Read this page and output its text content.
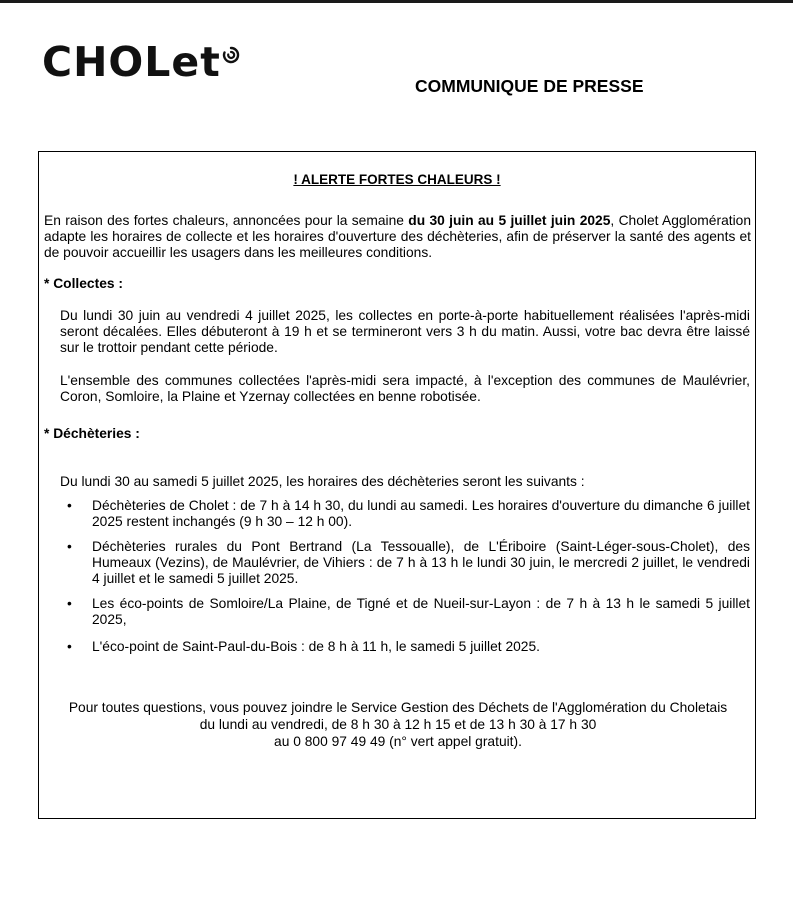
CHOLet	COMMUNIQUE DE PRESSE
! ALERTE FORTES CHALEURS !
En raison des fortes chaleurs, annoncées pour la semaine du 30 juin au 5 juillet juin 2025, Cholet Agglomération adapte les horaires de collecte et les horaires d'ouverture des déchèteries, afin de préserver la santé des agents et de pouvoir accueillir les usagers dans les meilleures conditions.
* Collectes :
Du lundi 30 juin au vendredi 4 juillet 2025, les collectes en porte-à-porte habituellement réalisées l'après-midi seront décalées. Elles débuteront à 19 h et se termineront vers 3 h du matin. Aussi, votre bac devra être laissé sur le trottoir pendant cette période.
L'ensemble des communes collectées l'après-midi sera impacté, à l'exception des communes de Maulévrier, Coron, Somloire, la Plaine et Yzernay collectées en benne robotisée.
* Déchèteries :
Du lundi 30 au samedi 5 juillet 2025, les horaires des déchèteries seront les suivants :
• Déchèteries de Cholet : de 7 h à 14 h 30, du lundi au samedi. Les horaires d'ouverture du dimanche 6 juillet 2025 restent inchangés (9 h 30 – 12 h 00).
• Déchèteries rurales du Pont Bertrand (La Tessoualle), de L'Ériboire (Saint-Léger-sous-Cholet), des Humeaux (Vezins), de Maulévrier, de Vihiers : de 7 h à 13 h le lundi 30 juin, le mercredi 2 juillet, le vendredi 4 juillet et le samedi 5 juillet 2025.
• Les éco-points de Somloire/La Plaine, de Tigné et de Nueil-sur-Layon : de 7 h à 13 h le samedi 5 juillet 2025,
• L'éco-point de Saint-Paul-du-Bois : de 8 h à 11 h, le samedi 5 juillet 2025.
Pour toutes questions, vous pouvez joindre le Service Gestion des Déchets de l'Agglomération du Choletais
du lundi au vendredi, de 8 h 30 à 12 h 15 et de 13 h 30 à 17 h 30
au 0 800 97 49 49 (n° vert appel gratuit).
